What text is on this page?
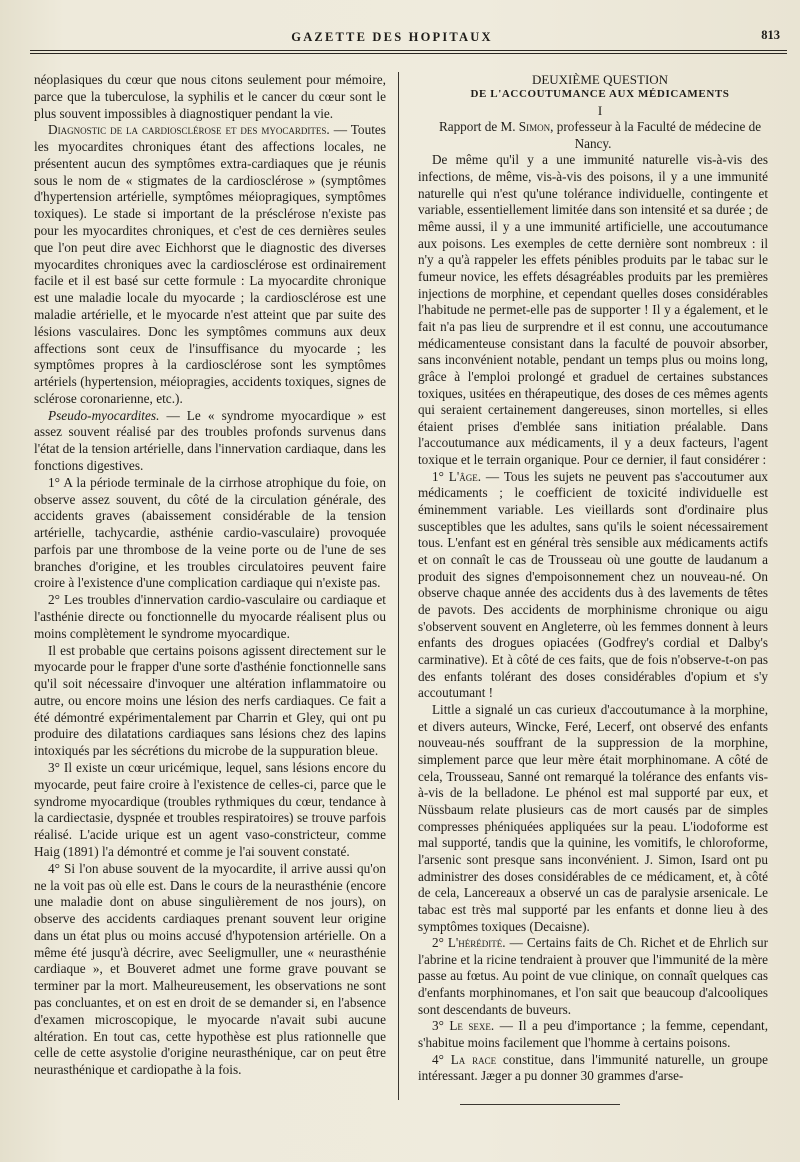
GAZETTE DES HOPITAUX	813

néoplasiques du cœur que nous citons seulement pour mémoire, parce que la tuberculose, la syphilis et le cancer du cœur sont le plus souvent impossibles à diagnostiquer pendant la vie.

Diagnostic de la cardiosclérose et des myocardites. — Toutes les myocardites chroniques étant des affections locales, ne présentent aucun des symptômes extra-cardiaques que je réunis sous le nom de « stigmates de la cardiosclérose » (symptômes d'hypertension artérielle, symptômes méiopragiques, symptômes toxiques). Le stade si important de la présclérose n'existe pas pour les myocardites chroniques, et c'est de ces dernières seules que l'on peut dire avec Eichhorst que le diagnostic des diverses myocardites chroniques avec la cardiosclérose est ordinairement facile et il est basé sur cette formule : La myocardite chronique est une maladie locale du myocarde ; la cardiosclérose est une maladie artérielle, et le myocarde n'est atteint que par suite des lésions vasculaires. Donc les symptômes communs aux deux affections sont ceux de l'insuffisance du myocarde ; les symptômes propres à la cardiosclérose sont les symptômes artériels (hypertension, méiopragies, accidents toxiques, signes de sclérose coronarienne, etc.).

Pseudo-myocardites. — Le « syndrome myocardique » est assez souvent réalisé par des troubles profonds survenus dans l'état de la tension artérielle, dans l'innervation cardiaque, dans les fonctions digestives.

1° A la période terminale de la cirrhose atrophique du foie, on observe assez souvent, du côté de la circulation générale, des accidents graves (abaissement considérable de la tension artérielle, tachycardie, asthénie cardio-vasculaire) provoquée parfois par une thrombose de la veine porte ou de l'une de ses branches d'origine, et les troubles circulatoires peuvent faire croire à l'existence d'une complication cardiaque qui n'existe pas.

2° Les troubles d'innervation cardio-vasculaire ou cardiaque et l'asthénie directe ou fonctionnelle du myocarde réalisent plus ou moins complètement le syndrome myocardique.

Il est probable que certains poisons agissent directement sur le myocarde pour le frapper d'une sorte d'asthénie fonctionnelle sans qu'il soit nécessaire d'invoquer une altération inflammatoire ou autre, ou encore moins une lésion des nerfs cardiaques. Ce fait a été démontré expérimentalement par Charrin et Gley, qui ont pu produire des dilatations cardiaques sans lésions chez des lapins intoxiqués par les sécrétions du microbe de la suppuration bleue.

3° Il existe un cœur uricémique, lequel, sans lésions encore du myocarde, peut faire croire à l'existence de celles-ci, parce que le syndrome myocardique (troubles rythmiques du cœur, tendance à la cardiectasie, dyspnée et troubles respiratoires) se trouve parfois réalisé. L'acide urique est un agent vaso-constricteur, comme Haig (1891) l'a démontré et comme je l'ai souvent constaté.

4° Si l'on abuse souvent de la myocardite, il arrive aussi qu'on ne la voit pas où elle est. Dans le cours de la neurasthénie (encore une maladie dont on abuse singulièrement de nos jours), on observe des accidents cardiaques prenant souvent leur origine dans un état plus ou moins accusé d'hypotension artérielle. On a même été jusqu'à décrire, avec Seeligmuller, une « neurasthénie cardiaque », et Bouveret admet une forme grave pouvant se terminer par la mort. Malheureusement, les observations ne sont pas concluantes, et on est en droit de se demander si, en l'absence d'examen microscopique, le myocarde n'avait subi aucune altération. En tout cas, cette hypothèse est plus rationnelle que celle de cette asystolie d'origine neurasthénique, car on peut être neurasthénique et cardiopathe à la fois.

DEUXIÈME QUESTION

DE L'ACCOUTUMANCE AUX MÉDICAMENTS

I

Rapport de M. Simon, professeur à la Faculté de médecine de Nancy.

De même qu'il y a une immunité naturelle vis-à-vis des infections, de même, vis-à-vis des poisons, il y a une immunité naturelle qui n'est qu'une tolérance individuelle, contingente et variable, essentiellement limitée dans son intensité et sa durée ; de même aussi, il y a une immunité artificielle, une accoutumance aux poisons. Les exemples de cette dernière sont nombreux : il n'y a qu'à rappeler les effets pénibles produits par le tabac sur le fumeur novice, les effets désagréables produits par les premières injections de morphine, et cependant quelles doses considérables l'habitude ne permet-elle pas de supporter ! Il y a également, et le fait n'a pas lieu de surprendre et il est connu, une accoutumance médicamenteuse consistant dans la faculté de pouvoir absorber, sans inconvénient notable, pendant un temps plus ou moins long, grâce à l'emploi prolongé et graduel de certaines substances toxiques, usitées en thérapeutique, des doses de ces mêmes agents qui seraient certainement dangereuses, sinon mortelles, si elles étaient prises d'emblée sans initiation préalable. Dans l'accoutumance aux médicaments, il y a deux facteurs, l'agent toxique et le terrain organique. Pour ce dernier, il faut considérer :

1° L'âge. — Tous les sujets ne peuvent pas s'accoutumer aux médicaments ; le coefficient de toxicité individuelle est éminemment variable. Les vieillards sont d'ordinaire plus susceptibles que les adultes, sans qu'ils le soient nécessairement tous. L'enfant est en général très sensible aux médicaments actifs et on connaît le cas de Trousseau où une goutte de laudanum a produit des signes d'empoisonnement chez un nouveau-né. On observe chaque année des accidents dus à des lavements de têtes de pavots. Des accidents de morphinisme chronique ou aigu s'observent souvent en Angleterre, où les femmes donnent à leurs enfants des drogues opiacées (Godfrey's cordial et Dalby's carminative). Et à côté de ces faits, que de fois n'observe-t-on pas des enfants tolérant des doses considérables d'opium et s'y accoutumant !

Little a signalé un cas curieux d'accoutumance à la morphine, et divers auteurs, Wincke, Feré, Lecerf, ont observé des enfants nouveau-nés souffrant de la suppression de la morphine, simplement parce que leur mère était morphinomane. A côté de cela, Trousseau, Sanné ont remarqué la tolérance des enfants vis-à-vis de la belladone. Le phénol est mal supporté par eux, et Nüssbaum relate plusieurs cas de mort causés par de simples compresses phéniquées appliquées sur la peau. L'iodoforme est mal supporté, tandis que la quinine, les vomitifs, le chloroforme, l'arsenic sont presque sans inconvénient. J. Simon, Isard ont pu administrer des doses considérables de ce médicament, et, à côté de cela, Lancereaux a observé un cas de paralysie arsenicale. Le tabac est très mal supporté par les enfants et donne lieu à des symptômes toxiques (Decaisne).

2° L'hérédité. — Certains faits de Ch. Richet et de Ehrlich sur l'abrine et la ricine tendraient à prouver que l'immunité de la mère passe au fœtus. Au point de vue clinique, on connaît quelques cas d'enfants morphinomanes, et l'on sait que beaucoup d'alcooliques sont descendants de buveurs.

3° Le sexe. — Il a peu d'importance ; la femme, cependant, s'habitue moins facilement que l'homme à certains poisons.

4° La race constitue, dans l'immunité naturelle, un groupe intéressant. Jæger a pu donner 30 grammes d'arse-
